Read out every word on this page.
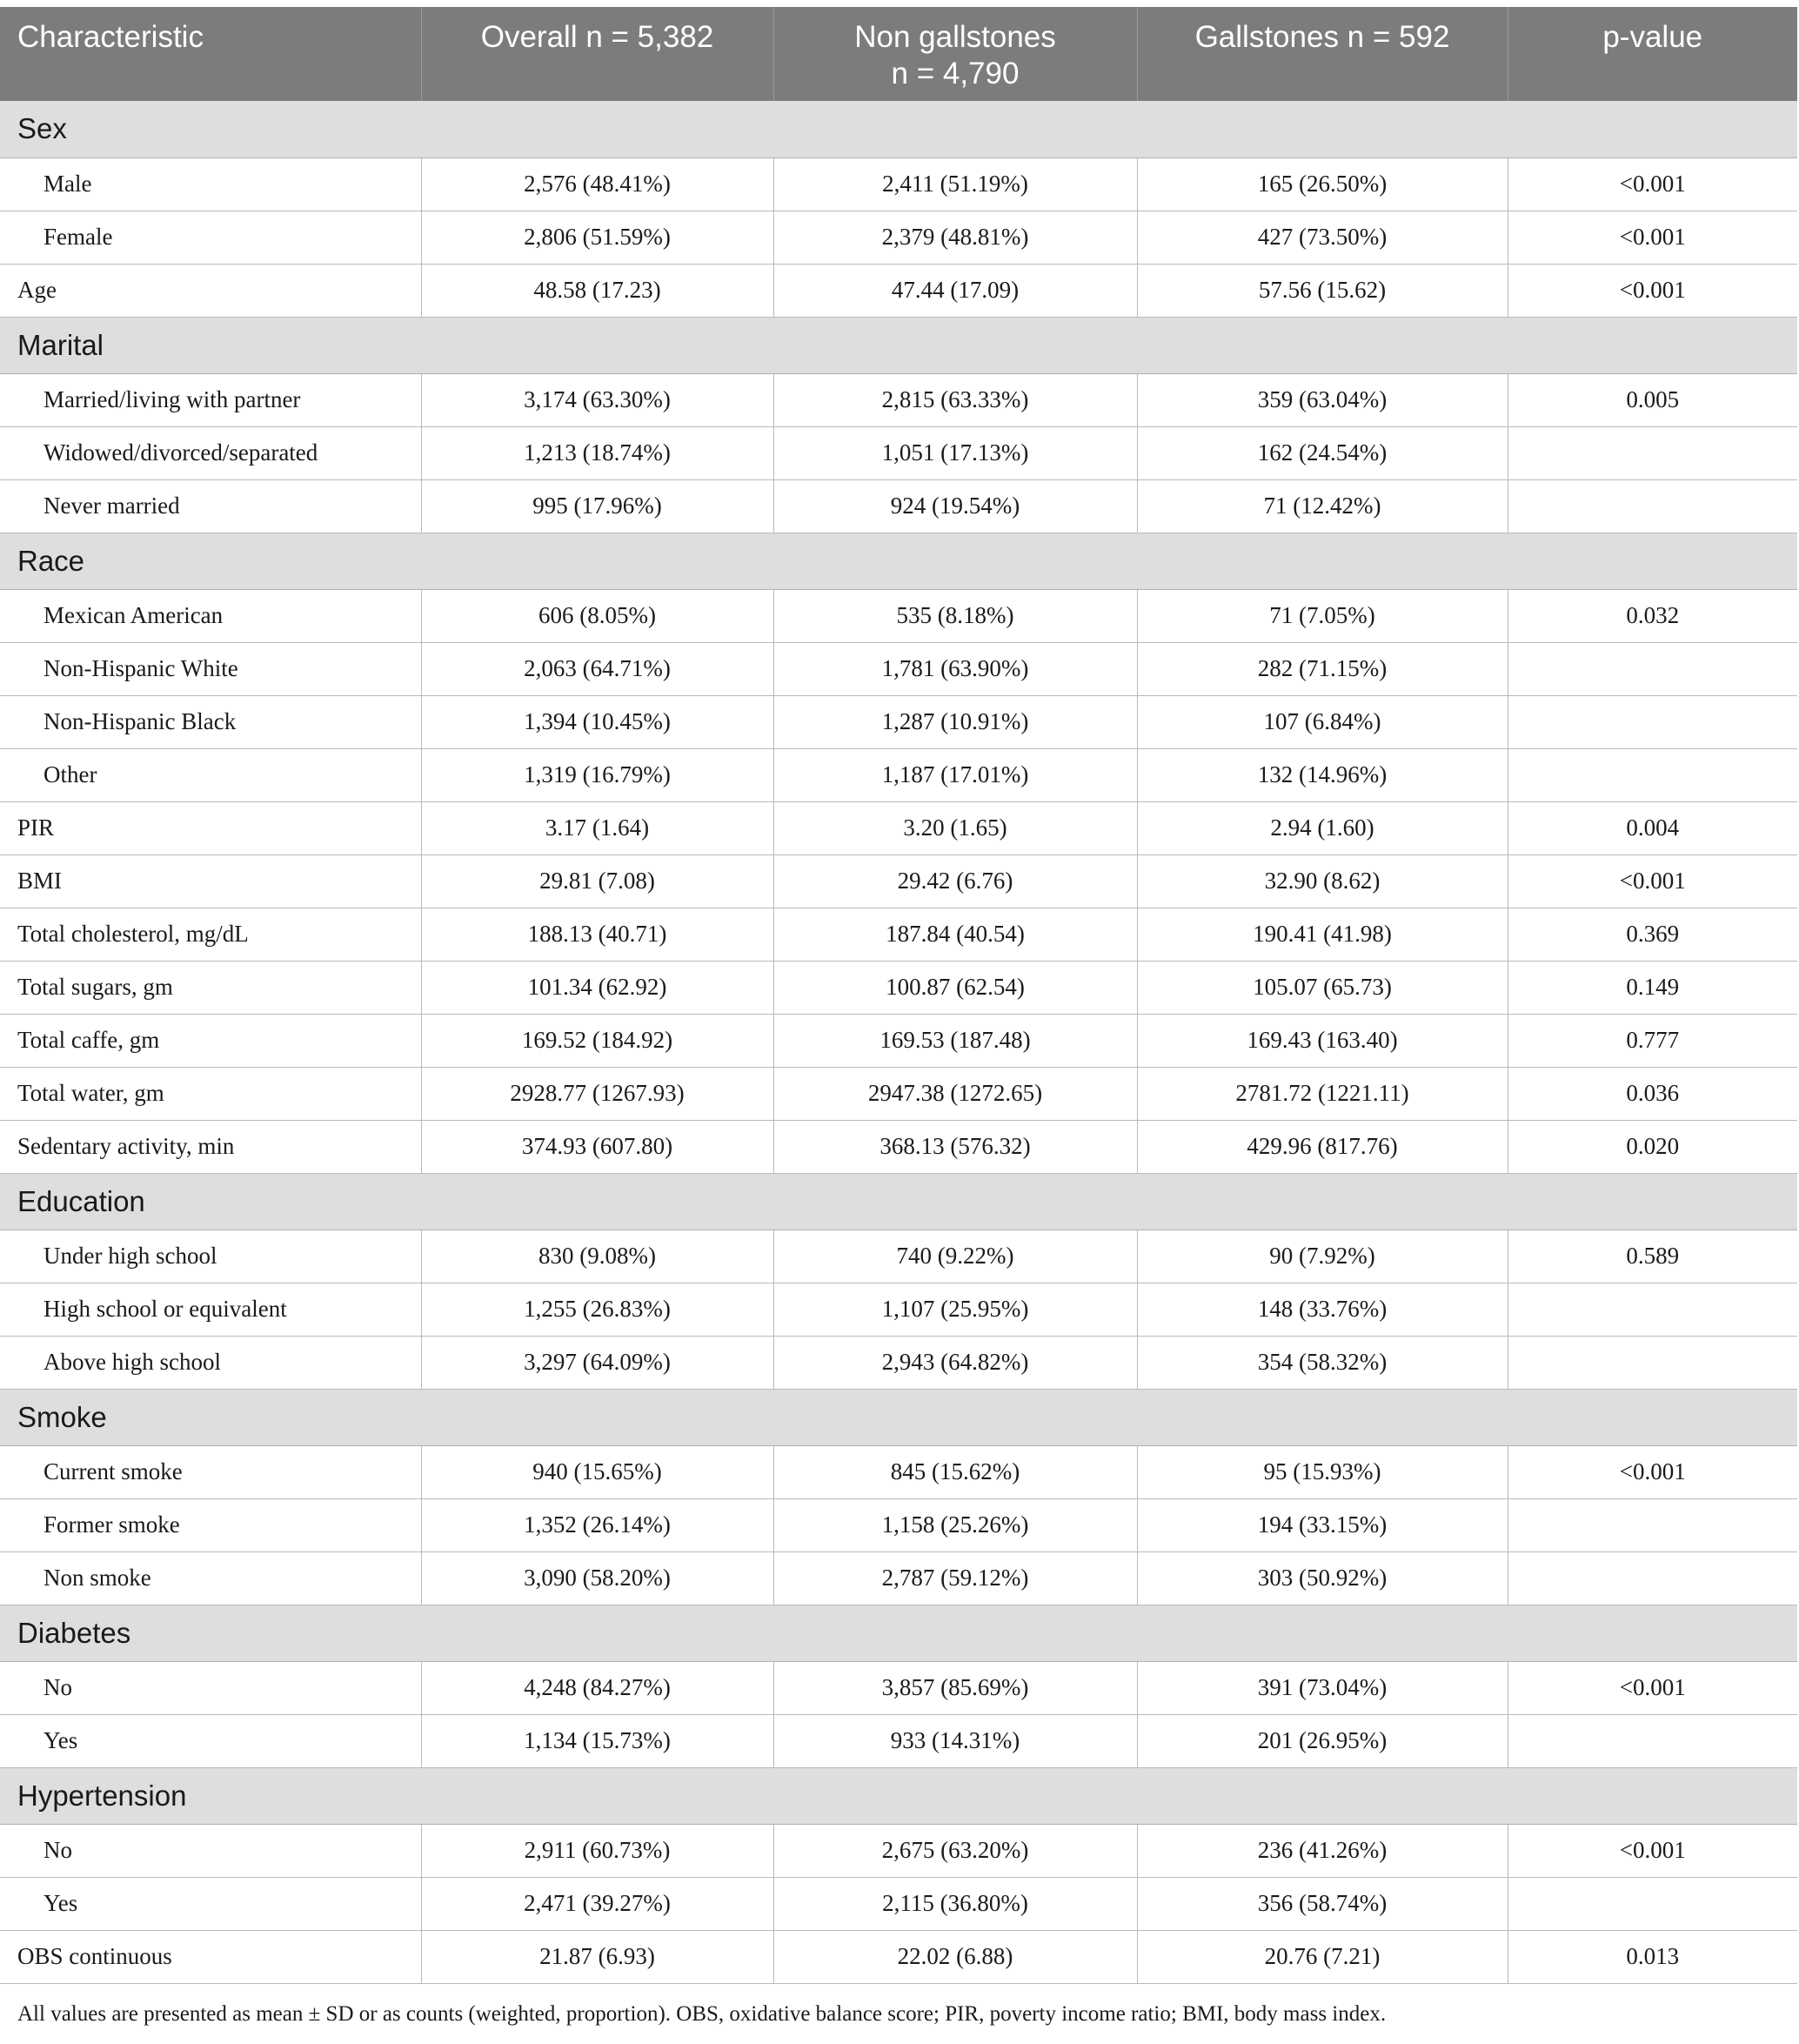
Characteristic	Overall n = 5,382	Non gallstones
n = 4,790	Gallstones n = 592	p-value

Sex				
Male	2,576 (48.41%)	2,411 (51.19%)	165 (26.50%)	<0.001
Female	2,806 (51.59%)	2,379 (48.81%)	427 (73.50%)	<0.001
Age	48.58 (17.23)	47.44 (17.09)	57.56 (15.62)	<0.001
Marital				
Married/living with partner	3,174 (63.30%)	2,815 (63.33%)	359 (63.04%)	0.005
Widowed/divorced/separated	1,213 (18.74%)	1,051 (17.13%)	162 (24.54%)	
Never married	995 (17.96%)	924 (19.54%)	71 (12.42%)	
Race				
Mexican American	606 (8.05%)	535 (8.18%)	71 (7.05%)	0.032
Non-Hispanic White	2,063 (64.71%)	1,781 (63.90%)	282 (71.15%)	
Non-Hispanic Black	1,394 (10.45%)	1,287 (10.91%)	107 (6.84%)	
Other	1,319 (16.79%)	1,187 (17.01%)	132 (14.96%)	
PIR	3.17 (1.64)	3.20 (1.65)	2.94 (1.60)	0.004
BMI	29.81 (7.08)	29.42 (6.76)	32.90 (8.62)	<0.001
Total cholesterol, mg/dL	188.13 (40.71)	187.84 (40.54)	190.41 (41.98)	0.369
Total sugars, gm	101.34 (62.92)	100.87 (62.54)	105.07 (65.73)	0.149
Total caffe, gm	169.52 (184.92)	169.53 (187.48)	169.43 (163.40)	0.777
Total water, gm	2928.77 (1267.93)	2947.38 (1272.65)	2781.72 (1221.11)	0.036
Sedentary activity, min	374.93 (607.80)	368.13 (576.32)	429.96 (817.76)	0.020
Education				
Under high school	830 (9.08%)	740 (9.22%)	90 (7.92%)	0.589
High school or equivalent	1,255 (26.83%)	1,107 (25.95%)	148 (33.76%)	
Above high school	3,297 (64.09%)	2,943 (64.82%)	354 (58.32%)	
Smoke				
Current smoke	940 (15.65%)	845 (15.62%)	95 (15.93%)	<0.001
Former smoke	1,352 (26.14%)	1,158 (25.26%)	194 (33.15%)	
Non smoke	3,090 (58.20%)	2,787 (59.12%)	303 (50.92%)	
Diabetes				
No	4,248 (84.27%)	3,857 (85.69%)	391 (73.04%)	<0.001
Yes	1,134 (15.73%)	933 (14.31%)	201 (26.95%)	
Hypertension				
No	2,911 (60.73%)	2,675 (63.20%)	236 (41.26%)	<0.001
Yes	2,471 (39.27%)	2,115 (36.80%)	356 (58.74%)	
OBS continuous	21.87 (6.93)	22.02 (6.88)	20.76 (7.21)	0.013
All values are presented as mean ± SD or as counts (weighted, proportion). OBS, oxidative balance score; PIR, poverty income ratio; BMI, body mass index.
